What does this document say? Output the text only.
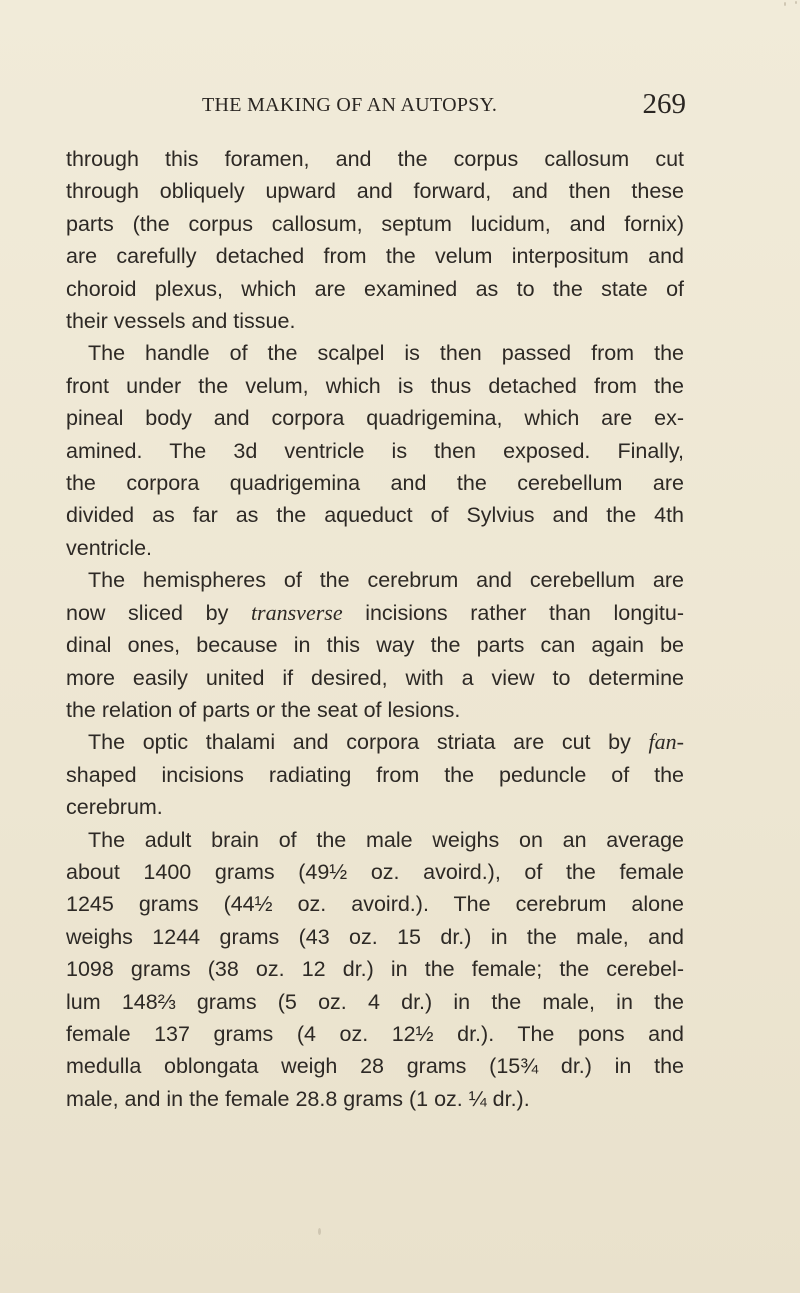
THE MAKING OF AN AUTOPSY.	269

through this foramen, and the corpus callosum cut
through obliquely upward and forward, and then these
parts (the corpus callosum, septum lucidum, and fornix)
are carefully detached from the velum interpositum and
choroid plexus, which are examined as to the state of
their vessels and tissue.

The handle of the scalpel is then passed from the
front under the velum, which is thus detached from the
pineal body and corpora quadrigemina, which are ex-
amined. The 3d ventricle is then exposed. Finally,
the corpora quadrigemina and the cerebellum are
divided as far as the aqueduct of Sylvius and the 4th
ventricle.

The hemispheres of the cerebrum and cerebellum are
now sliced by transverse incisions rather than longitu-
dinal ones, because in this way the parts can again be
more easily united if desired, with a view to determine
the relation of parts or the seat of lesions.

The optic thalami and corpora striata are cut by fan-
shaped incisions radiating from the peduncle of the
cerebrum.

The adult brain of the male weighs on an average
about 1400 grams (49½ oz. avoird.), of the female
1245 grams (44½ oz. avoird.). The cerebrum alone
weighs 1244 grams (43 oz. 15 dr.) in the male, and
1098 grams (38 oz. 12 dr.) in the female; the cerebel-
lum 148⅔ grams (5 oz. 4 dr.) in the male, in the
female 137 grams (4 oz. 12½ dr.). The pons and
medulla oblongata weigh 28 grams (15¾ dr.) in the
male, and in the female 28.8 grams (1 oz. ¼ dr.).
